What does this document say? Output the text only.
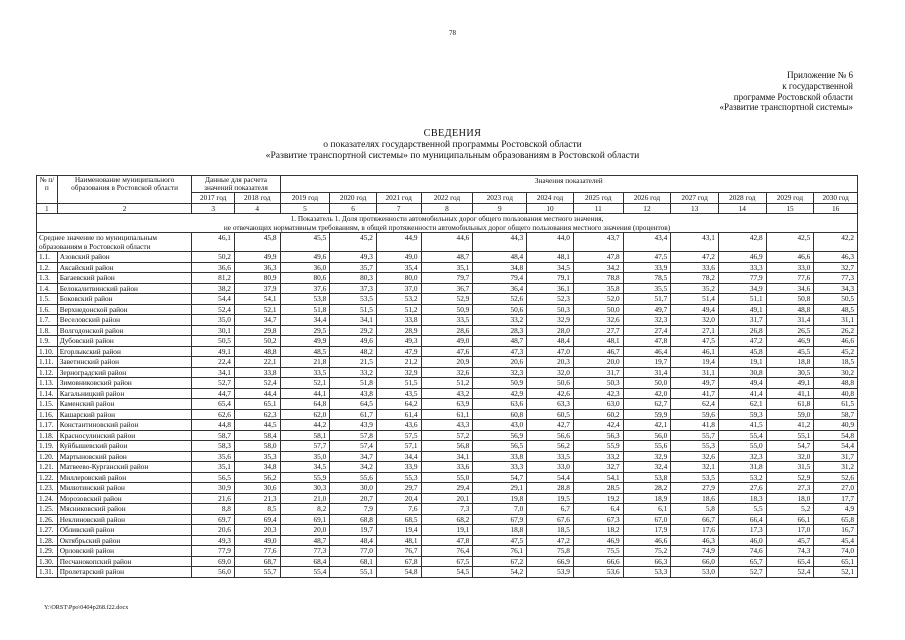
78
Приложение № 6
к государственной
программе Ростовской области
«Развитие транспортной системы»
СВЕДЕНИЯ
о показателях государственной программы Ростовской области
«Развитие транспортной системы» по муниципальным образованиям в Ростовской области
№ п/п	Наименование муниципального образования в Ростовской области	Данные для расчета значений показателя		Значения показателей											
		2017 год	2018 год	2019 год	2020 год	2021 год	2022 год	2023 год	2024 год	2025 год	2026 год	2027 год	2028 год	2029 год	2030 год
1	2	3	4	5	6	7	8	9	10	11	12	13	14	15	16
1. Показатель 1. Доля протяженности автомобильных дорог общего пользования местного значения,
не отвечающих нормативным требованиям, в общей протяженности автомобильных дорог общего пользования местного значения (процентов)															
Среднее значение по муниципальным образованиям в Ростовской области		46,1	45,8	45,5	45,2	44,9	44,6	44,3	44,0	43,7	43,4	43,1	42,8	42,5	42,2
1.1.	Азовский район	50,2	49,9	49,6	49,3	49,0	48,7	48,4	48,1	47,8	47,5	47,2	46,9	46,6	46,3
1.2.	Аксайский район	36,6	36,3	36,0	35,7	35,4	35,1	34,8	34,5	34,2	33,9	33,6	33,3	33,0	32,7
1.3.	Багаевский район	81,2	80,9	80,6	80,3	80,0	79,7	79,4	79,1	78,8	78,5	78,2	77,9	77,6	77,3
1.4.	Белокалитвинский район	38,2	37,9	37,6	37,3	37,0	36,7	36,4	36,1	35,8	35,5	35,2	34,9	34,6	34,3
1.5.	Боковский район	54,4	54,1	53,8	53,5	53,2	52,9	52,6	52,3	52,0	51,7	51,4	51,1	50,8	50,5
1.6.	Верхнедонской район	52,4	52,1	51,8	51,5	51,2	50,9	50,6	50,3	50,0	49,7	49,4	49,1	48,8	48,5
1.7.	Веселовский район	35,0	34,7	34,4	34,1	33,8	33,5	33,2	32,9	32,6	32,3	32,0	31,7	31,4	31,1
1.8.	Волгодонской район	30,1	29,8	29,5	29,2	28,9	28,6	28,3	28,0	27,7	27,4	27,1	26,8	26,5	26,2
1.9.	Дубовский район	50,5	50,2	49,9	49,6	49,3	49,0	48,7	48,4	48,1	47,8	47,5	47,2	46,9	46,6
1.10.	Егорлыкский район	49,1	48,8	48,5	48,2	47,9	47,6	47,3	47,0	46,7	46,4	46,1	45,8	45,5	45,2
1.11.	Заветинский район	22,4	22,1	21,8	21,5	21,2	20,9	20,6	20,3	20,0	19,7	19,4	19,1	18,8	18,5
1.12.	Зерноградский район	34,1	33,8	33,5	33,2	32,9	32,6	32,3	32,0	31,7	31,4	31,1	30,8	30,5	30,2
1.13.	Зимовниковский район	52,7	52,4	52,1	51,8	51,5	51,2	50,9	50,6	50,3	50,0	49,7	49,4	49,1	48,8
1.14.	Кагальницкий район	44,7	44,4	44,1	43,8	43,5	43,2	42,9	42,6	42,3	42,0	41,7	41,4	41,1	40,8
1.15.	Каменский район	65,4	65,1	64,8	64,5	64,2	63,9	63,6	63,3	63,0	62,7	62,4	62,1	61,8	61,5
1.16.	Кашарский район	62,6	62,3	62,0	61,7	61,4	61,1	60,8	60,5	60,2	59,9	59,6	59,3	59,0	58,7
1.17.	Константиновский район	44,8	44,5	44,2	43,9	43,6	43,3	43,0	42,7	42,4	42,1	41,8	41,5	41,2	40,9
1.18.	Красносулинский район	58,7	58,4	58,1	57,8	57,5	57,2	56,9	56,6	56,3	56,0	55,7	55,4	55,1	54,8
1.19.	Куйбышевский район	58,3	58,0	57,7	57,4	57,1	56,8	56,5	56,2	55,9	55,6	55,3	55,0	54,7	54,4
1.20.	Мартыновский район	35,6	35,3	35,0	34,7	34,4	34,1	33,8	33,5	33,2	32,9	32,6	32,3	32,0	31,7
1.21.	Матвеево-Курганский район	35,1	34,8	34,5	34,2	33,9	33,6	33,3	33,0	32,7	32,4	32,1	31,8	31,5	31,2
1.22.	Миллеровский район	56,5	56,2	55,9	55,6	55,3	55,0	54,7	54,4	54,1	53,8	53,5	53,2	52,9	52,6
1.23.	Милютинский район	30,9	30,6	30,3	30,0	29,7	29,4	29,1	28,8	28,5	28,2	27,9	27,6	27,3	27,0
1.24.	Морозовский район	21,6	21,3	21,0	20,7	20,4	20,1	19,8	19,5	19,2	18,9	18,6	18,3	18,0	17,7
1.25.	Мясниковский район	8,8	8,5	8,2	7,9	7,6	7,3	7,0	6,7	6,4	6,1	5,8	5,5	5,2	4,9
1.26.	Неклиновский район	69,7	69,4	69,1	68,8	68,5	68,2	67,9	67,6	67,3	67,0	66,7	66,4	66,1	65,8
1.27.	Обливский район	20,6	20,3	20,0	19,7	19,4	19,1	18,8	18,5	18,2	17,9	17,6	17,3	17,0	16,7
1.28.	Октябрьский район	49,3	49,0	48,7	48,4	48,1	47,8	47,5	47,2	46,9	46,6	46,3	46,0	45,7	45,4
1.29.	Орловский район	77,9	77,6	77,3	77,0	76,7	76,4	76,1	75,8	75,5	75,2	74,9	74,6	74,3	74,0
1.30.	Песчанокопский район	69,0	68,7	68,4	68,1	67,8	67,5	67,2	66,9	66,6	66,3	66,0	65,7	65,4	65,1
1.31.	Пролетарский район	56,0	55,7	55,4	55,1	54,8	54,5	54,2	53,9	53,6	53,3	53,0	52,7	52,4	52,1
Y:\ORST\Ppo\0404p268.f22.docx
